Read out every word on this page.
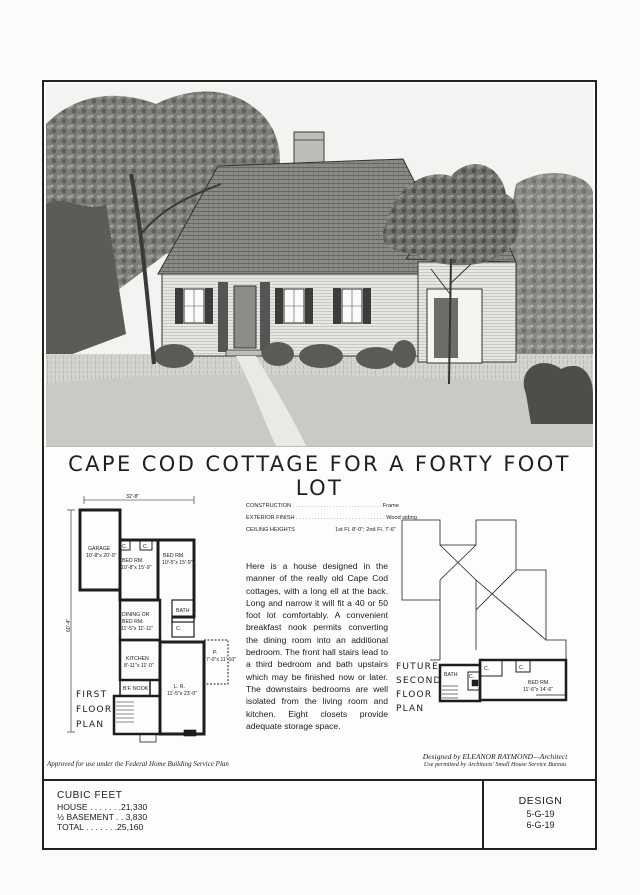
CAPE COD COTTAGE FOR A FORTY FOOT LOT
32'-8"
60'-4"
GARAGE
10'-8"x 20'-0"
BED RM.
10'-8"x 15'-9"
BED RM.
10'-5"x 15'-9"
C.	C.
BATH
C.
DINING OR
BED RM.
11'-5"x 11'-11"
KITCHEN
8'-11"x 11'-0"
B'F. NOOK	L. R.
11'-5"x 23'-0"
P.
7'-0"x 11'-10"
FIRST
FLOOR
PLAN
CONSTRUCTION . . . . . . . . . . . . . . . . . . . . . . . . . . . . . Frame
EXTERIOR FINISH . . . . . . . . . . . . . . . . . . . . . . . . . . . . . Wood siding
CEILING HEIGHTS
	1st Fl. 8'-0"; 2nd Fl. 7'-6"
Here is a house designed in the manner of the really old Cape Cod cottages, with a long ell at the back. Long and narrow it will fit a 40 or 50 foot lot comfortably. A convenient breakfast nook permits converting the dining room into an additional bedroom. The front hall stairs lead to a third bedroom and bath upstairs which may be finished now or later. The downstairs bedrooms are well isolated from the living room and kitchen. Eight closets provide adequate storage space.
BATH
C.	C.
C.
BED RM.
11'-6"x 14'-6"
FUTURE
SECOND
FLOOR
PLAN
Approved for use under the Federal Home Building Service Plan
Designed by ELEANOR RAYMOND—Architect
Use permitted by Architects' Small House Service Bureau
CUBIC FEET
HOUSE . . . . . . .21,330
½ BASEMENT . . 3,830
TOTAL . . . . . . .25,160
DESIGN
5-G-19
6-G-19
